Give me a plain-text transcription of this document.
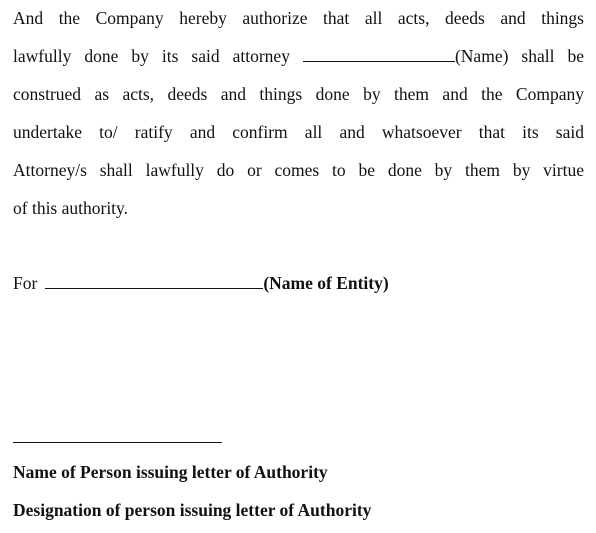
And the Company hereby authorize that all acts, deeds and things
lawfully done by its said attorney	(Name) shall be
construed as acts, deeds and things done by them and the Company
undertake to/ ratify and confirm all and whatsoever that its said
Attorney/s shall lawfully do or comes to be done by them by virtue
of this authority.
For	(Name of Entity)
Name of Person issuing letter of Authority
Designation of person issuing letter of Authority
